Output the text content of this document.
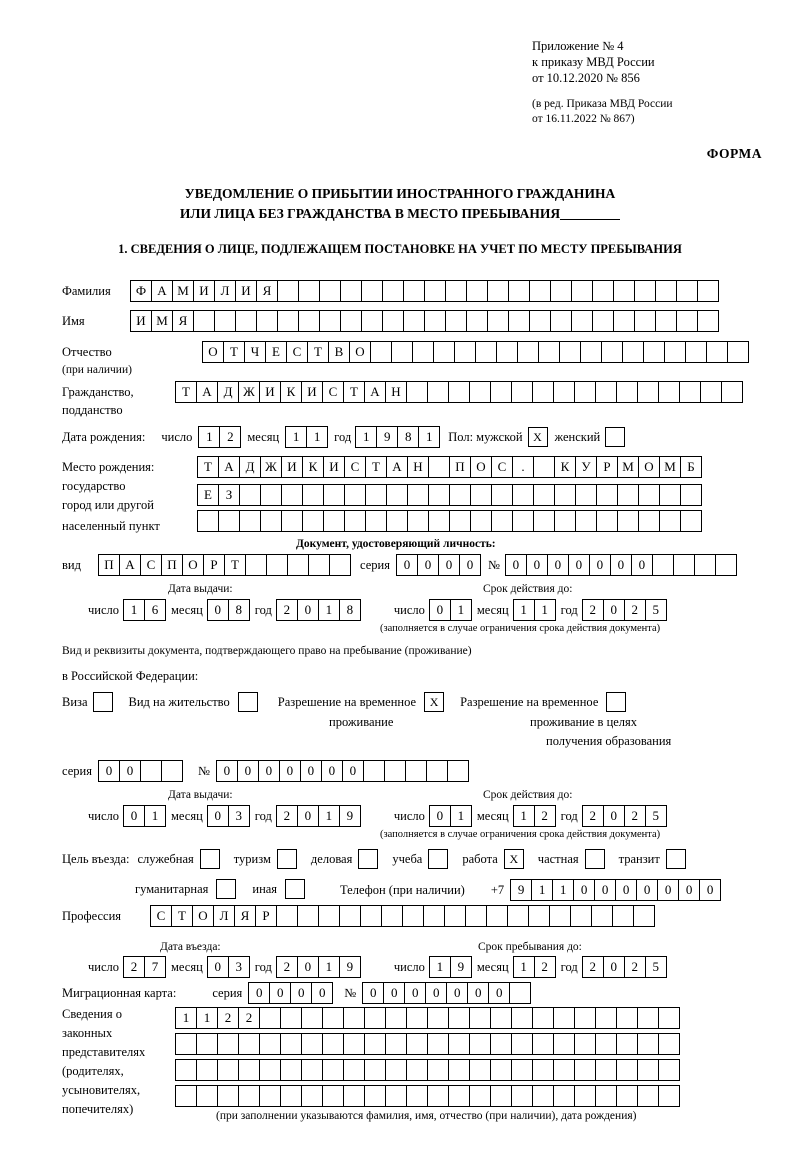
Приложение № 4
к приказу МВД России
от 10.12.2020 № 856
(в ред. Приказа МВД России
от 16.11.2022 № 867)
ФОРМА
УВЕДОМЛЕНИЕ О ПРИБЫТИИ ИНОСТРАННОГО ГРАЖДАНИНА
ИЛИ ЛИЦА БЕЗ ГРАЖДАНСТВА В МЕСТО ПРЕБЫВАНИЯ
1. СВЕДЕНИЯ О ЛИЦЕ, ПОДЛЕЖАЩЕМ ПОСТАНОВКЕ НА УЧЕТ ПО МЕСТУ ПРЕБЫВАНИЯ
Фамилия	Ф А М И Л И Я
Имя	И М Я
Отчество	О Т Ч Е С Т В О
(при наличии)
Гражданство,	Т А Д Ж И К И С Т А Н
подданство
Дата рождения: число	1	2	месяц	1	1	год 1	9	8	1	Пол: мужской X	женский
Место рождения:	Т А Д Ж И К И С Т А Н	П О С	.	К У Р М О М Б
государство
Е	З
город или другой
населенный пункт
Документ, удостоверяющий личность:
вид	П А С П О Р	Т	серия	0	0	0	0	№ 0	0	0	0	0	0	0
Дата выдачи:	Срок действия до:
число 1	6	месяц 0	8	год 2	0	1	8	число 0	1	месяц 1	1	год 2	0	2	5
(заполняется в случае ограничения срока действия документа)
Вид и реквизиты документа, подтверждающего право на пребывание (проживание)
в Российской Федерации:
Виза	Вид на жительство	Разрешение на временное	X	Разрешение на временное
проживание	проживание в целях
получения образования
серия	0	0	№	0	0	0	0	0	0	0
Дата выдачи:	Срок действия до:
число 0	1	месяц 0	3	год 2	0	1	9	число 0	1	месяц 1	2	год 2	0	2	5
(заполняется в случае ограничения срока действия документа)
Цель въезда: служебная	туризм	деловая	учеба	работа X	частная	транзит
гуманитарная	иная	Телефон (при наличии) +7	9	1	1	0	0	0	0	0	0	0
Профессия	С Т О Л Я	Р
Дата въезда:	Срок пребывания до:
число 2	7	месяц 0	3	год 2	0	1	9	число 1	9	месяц 1	2	год 2	0	2	5
Миграционная карта:	серия	0	0	0	0	№	0	0	0	0	0	0	0
Сведения о
законных
представителях
(родителях,
усыновителях,
попечителях)
1	1	2	2
(при заполнении указываются фамилия, имя, отчество (при наличии), дата рождения)
